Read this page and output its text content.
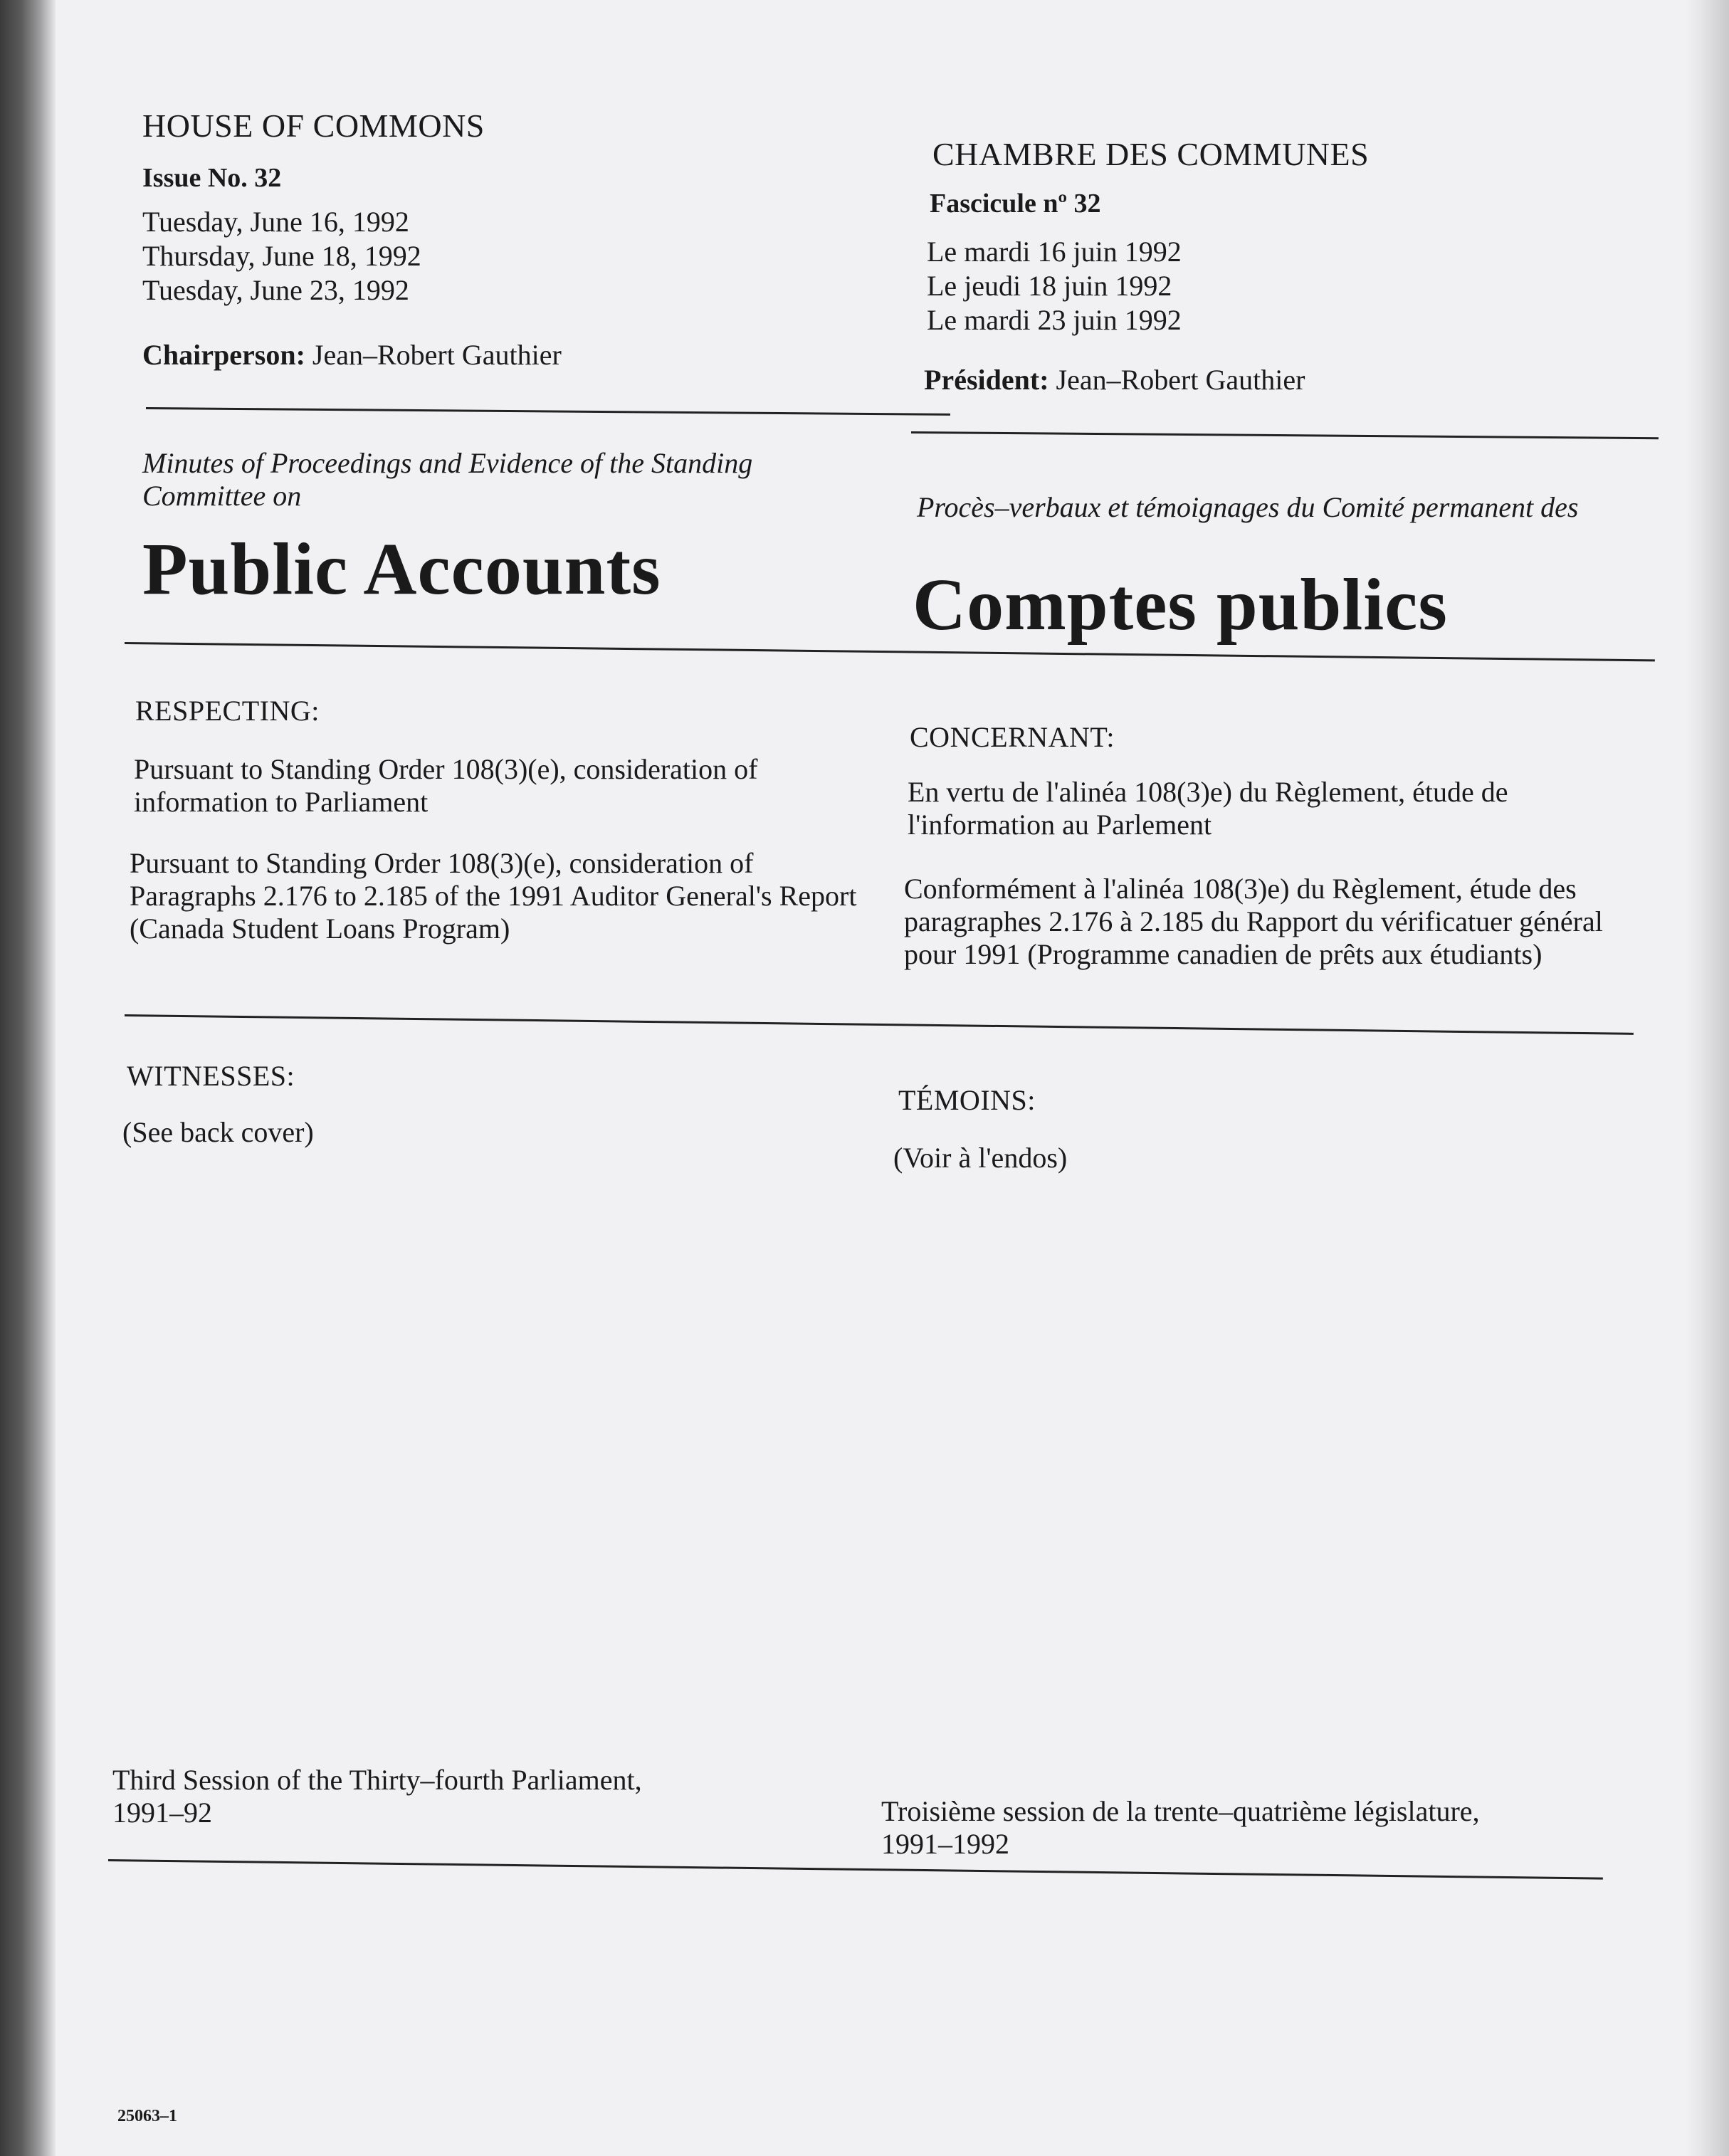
HOUSE OF COMMONS
Issue No. 32
Tuesday, June 16, 1992
Thursday, June 18, 1992
Tuesday, June 23, 1992
Chairperson: Jean–Robert Gauthier
Minutes of Proceedings and Evidence of the Standing Committee on
Public Accounts
RESPECTING:
Pursuant to Standing Order 108(3)(e), consideration of information to Parliament
Pursuant to Standing Order 108(3)(e), consideration of Paragraphs 2.176 to 2.185 of the 1991 Auditor General's Report (Canada Student Loans Program)
WITNESSES:
(See back cover)
Third Session of the Thirty–fourth Parliament,
1991–92
25063–1
CHAMBRE DES COMMUNES
Fascicule nº 32
Le mardi 16 juin 1992
Le jeudi 18 juin 1992
Le mardi 23 juin 1992
Président: Jean–Robert Gauthier
Procès–verbaux et témoignages du Comité permanent des
Comptes publics
CONCERNANT:
En vertu de l'alinéa 108(3)e) du Règlement, étude de l'information au Parlement
Conformément à l'alinéa 108(3)e) du Règlement, étude des paragraphes 2.176 à 2.185 du Rapport du vérificatuer général pour 1991 (Programme canadien de prêts aux étudiants)
TÉMOINS:
(Voir à l'endos)
Troisième session de la trente–quatrième législature,
1991–1992
